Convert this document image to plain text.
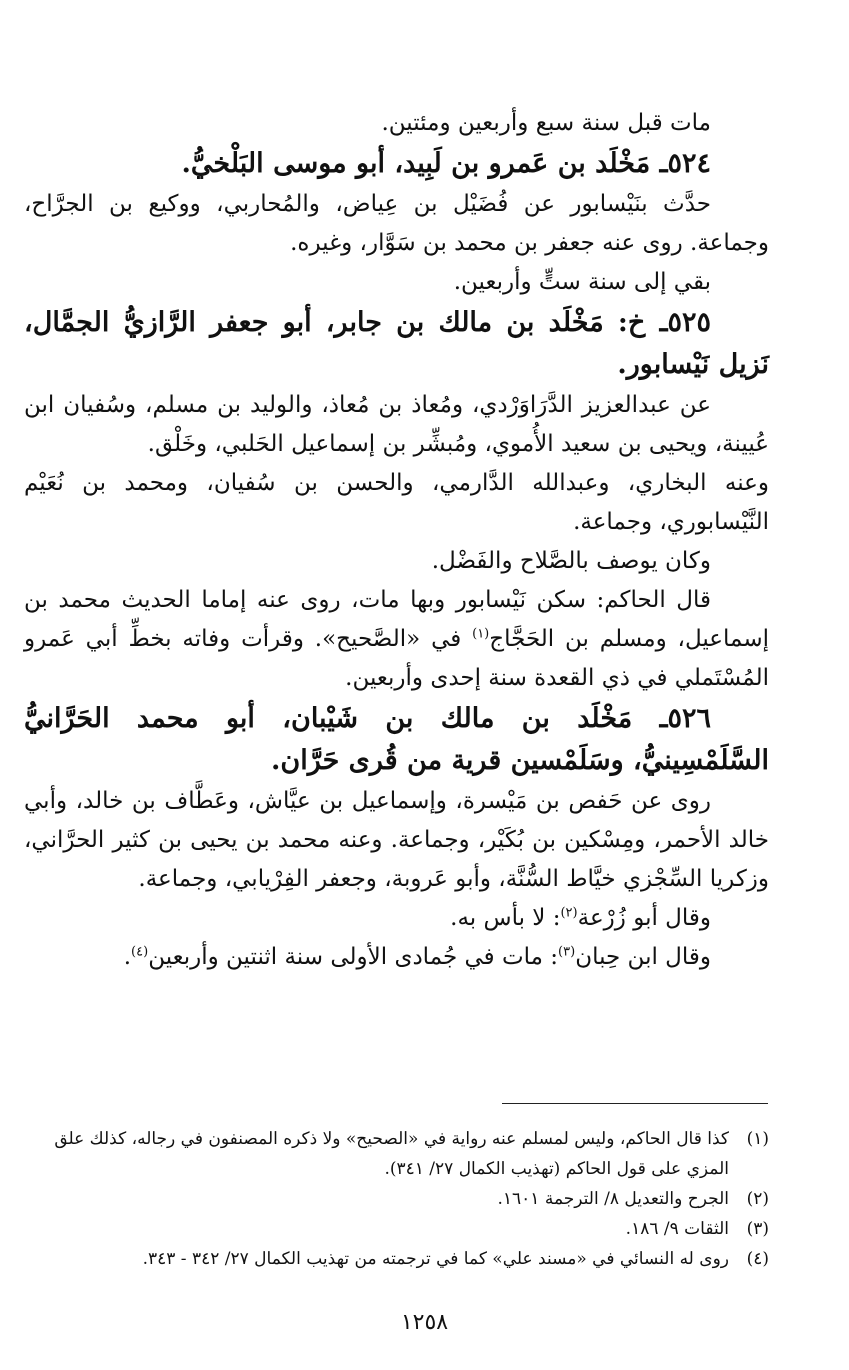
مات قبل سنة سبع وأربعين ومئتين.

٥٢٤ـ مَخْلَد بن عَمرو بن لَبِيد، أبو موسى البَلْخيُّ.

حدَّث بنَيْسابور عن فُضَيْل بن عِياض، والمُحاربي، ووكيع بن الجرَّاح، وجماعة. روى عنه جعفر بن محمد بن سَوَّار، وغيره.

بقي إلى سنة ستٍّ وأربعين.

٥٢٥ـ خ: مَخْلَد بن مالك بن جابر، أبو جعفر الرَّازيُّ الجمَّال، نَزيل نَيْسابور.

عن عبدالعزيز الدَّرَاوَرْدي، ومُعاذ بن مُعاذ، والوليد بن مسلم، وسُفيان ابن عُيينة، ويحيى بن سعيد الأُموي، ومُبشِّر بن إسماعيل الحَلبي، وخَلْق.

وعنه البخاري، وعبدالله الدَّارمي، والحسن بن سُفيان، ومحمد بن نُعَيْم النَّيْسابوري، وجماعة.

وكان يوصف بالصَّلاح والفَضْل.

قال الحاكم: سكن نَيْسابور وبها مات، روى عنه إماما الحديث محمد بن إسماعيل، ومسلم بن الحَجَّاج$^{(١)}$ في «الصَّحيح». وقرأت وفاته بخطِّ أبي عَمرو المُسْتَملي في ذي القعدة سنة إحدى وأربعين.

٥٢٦ـ مَخْلَد بن مالك بن شَيْبان، أبو محمد الحَرَّانيُّ السَّلَمْسِينيُّ، وسَلَمْسين قرية من قُرى حَرَّان.

روى عن حَفص بن مَيْسرة، وإسماعيل بن عيَّاش، وعَطَّاف بن خالد، وأبي خالد الأحمر، ومِسْكين بن بُكَيْر، وجماعة. وعنه محمد بن يحيى بن كثير الحرَّاني، وزكريا السِّجْزي خيَّاط السُّنَّة، وأبو عَروبة، وجعفر الفِرْيابي، وجماعة.

وقال أبو زُرْعة$^{(٢)}$: لا بأس به.

وقال ابن حِبان$^{(٣)}$: مات في جُمادى الأولى سنة اثنتين وأربعين$^{(٤)}$.

(١)
كذا قال الحاكم، وليس لمسلم عنه رواية في «الصحيح» ولا ذكره المصنفون في رجاله، كذلك علق المزي على قول الحاكم (تهذيب الكمال ٢٧/ ٣٤١).
(٢)
الجرح والتعديل ٨/ الترجمة ١٦٠١.
(٣)
الثقات ٩/ ١٨٦.
(٤)
روى له النسائي في «مسند علي» كما في ترجمته من تهذيب الكمال ٢٧/ ٣٤٢ - ٣٤٣.
١٢٥٨
